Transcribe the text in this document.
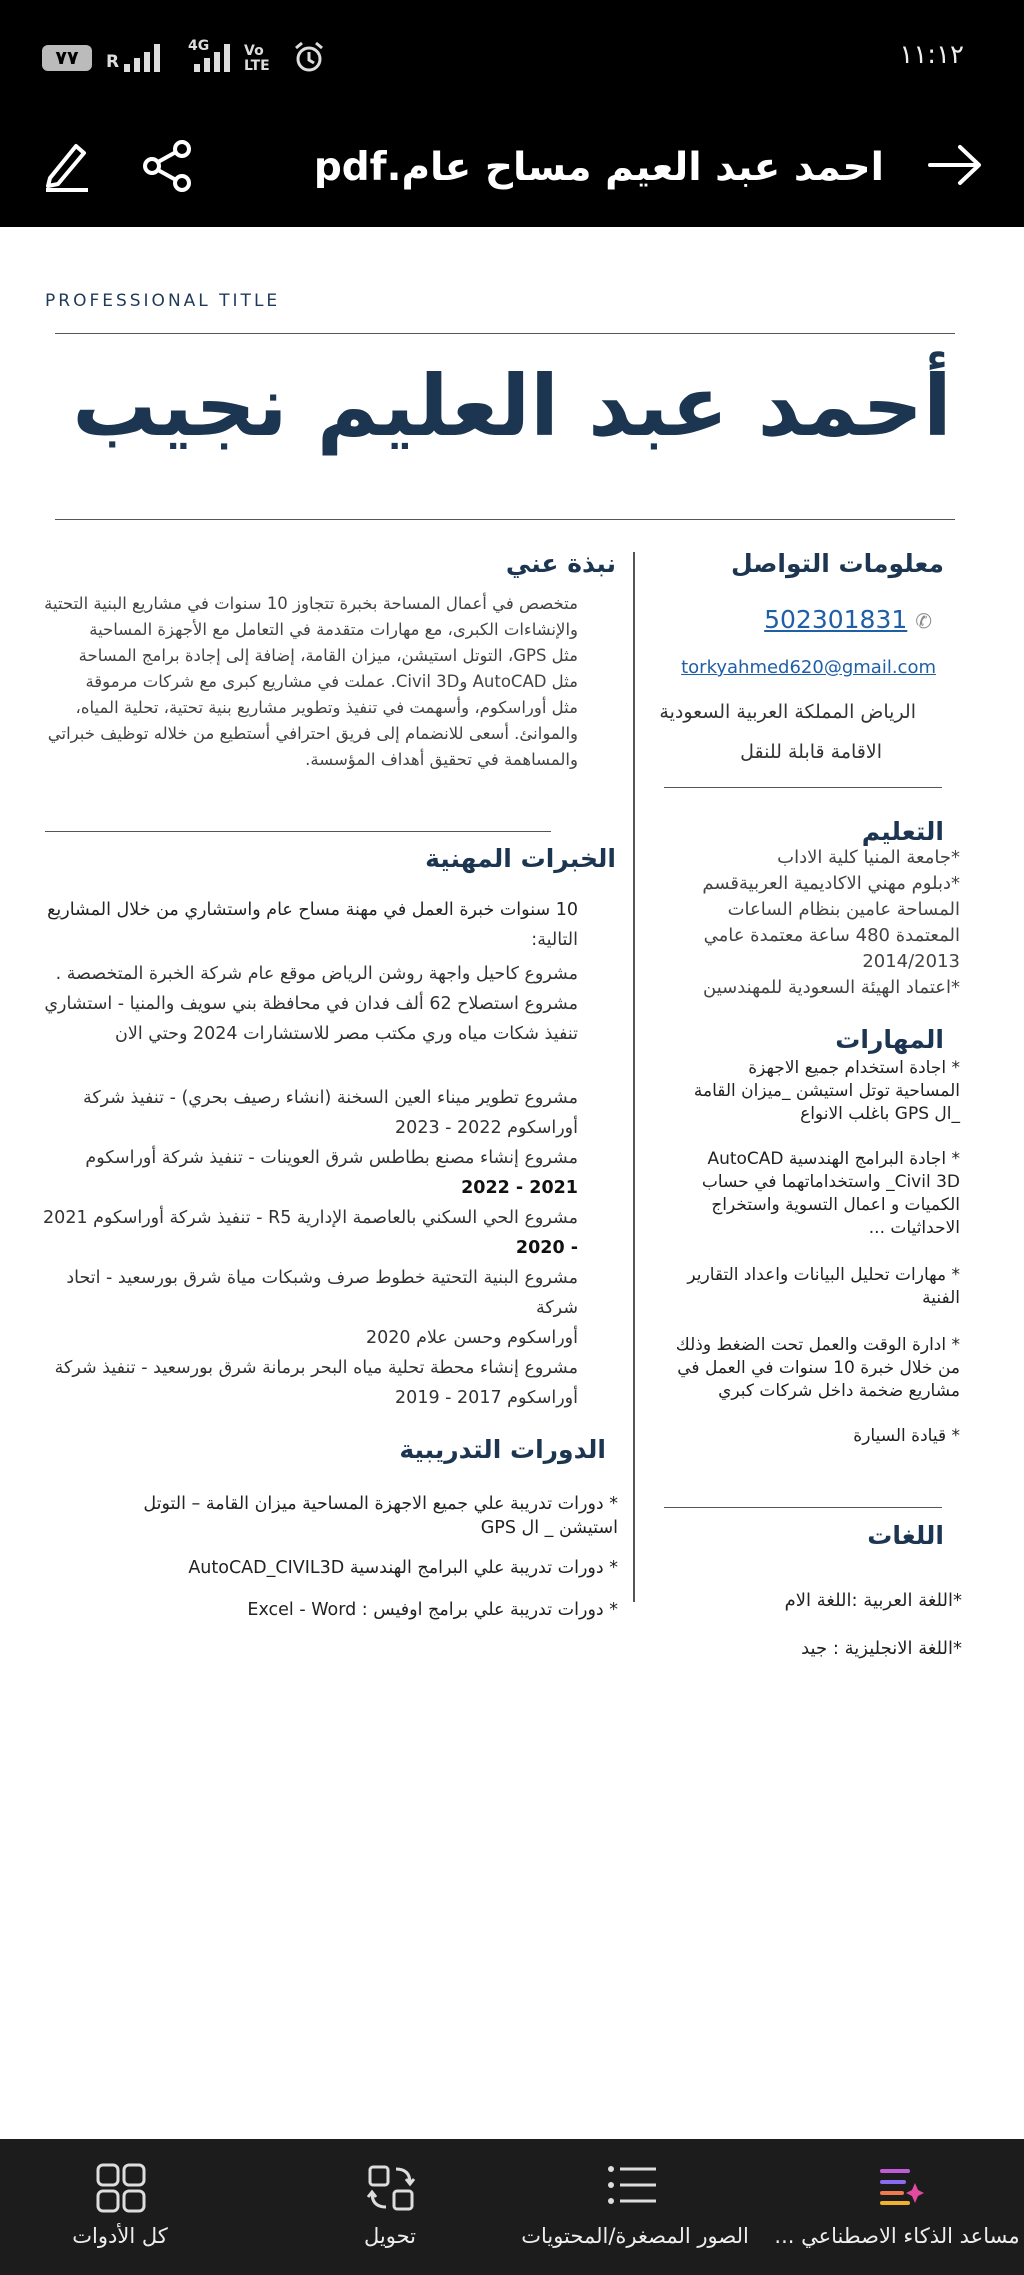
٧٧	R
4G Vo LTE	١١:١٢
احمد عبد العيم مساح عام.pdf
PROFESSIONAL TITLE
أحمد عبد العليم نجيب
معلومات التواصل
✆ 502301831
torkyahmed620@gmail.com
الرياض المملكة العربية السعودية
الاقامة قابلة للنقل
التعليم
*جامعة المنيا كلية الاداب
*دبلوم مهني الاكاديمية العربيةقسم
المساحة عامين بنظام الساعات
المعتمدة 480 ساعة معتمدة عامي
2014/2013
*اعتماد الهيئة السعودية للمهندسين
المهارات
* اجادة استخدام جميع الاجهزة
المساحية توتل استيشن _ميزان القامة
_ال GPS باغلب الانواع
* اجادة البرامج الهندسية AutoCAD
Civil 3D_ واستخداماتهما في حساب
الكميات و اعمال التسوية واستخراج
الاحداثيات ...
* مهارات تحليل البيانات واعداد التقارير
الفنية
* ادارة الوقت والعمل تحت الضغط وذلك
من خلال خبرة 10 سنوات في العمل في
مشاريع ضخمة داخل شركات كبري
* قيادة السيارة
اللغات
*اللغة العربية :اللغة الام
*اللغة الانجليزية : جيد
نبذة عني
متخصص في أعمال المساحة بخبرة تتجاوز 10 سنوات في مشاريع البنية التحتية
والإنشاءات الكبرى، مع مهارات متقدمة في التعامل مع الأجهزة المساحية
مثل GPS، التوتل استيشن، ميزان القامة، إضافة إلى إجادة برامج المساحة
مثل AutoCAD وCivil 3D. عملت في مشاريع كبرى مع شركات مرموقة
مثل أوراسكوم، وأسهمت في تنفيذ وتطوير مشاريع بنية تحتية، تحلية المياه،
والموانئ. أسعى للانضمام إلى فريق احترافي أستطيع من خلاله توظيف خبراتي
والمساهمة في تحقيق أهداف المؤسسة.
الخبرات المهنية
10 سنوات خبرة العمل في مهنة مساح عام واستشاري من خلال المشاريع
التالية:
مشروع كاحيل واجهة روشن الرياض موقع عام شركة الخبرة المتخصصة .
مشروع استصلاح 62 ألف فدان في محافظة بني سويف والمنيا - استشاري
تنفيذ شكات مياه وري مكتب مصر للاستشارات 2024 وحتي الان
مشروع تطوير ميناء العين السخنة (انشاء رصيف بحري) - تنفيذ شركة
أوراسكوم 2022 - 2023
مشروع إنشاء مصنع بطاطس شرق العوينات - تنفيذ شركة أوراسكوم
2021 - 2022
مشروع الحي السكني بالعاصمة الإدارية R5 - تنفيذ شركة أوراسكوم 2021
- 2020
مشروع البنية التحتية خطوط صرف وشبكات مياة شرق بورسعيد - اتحاد شركة
أوراسكوم وحسن علام 2020
مشروع إنشاء محطة تحلية مياه البحر برمانة شرق بورسعيد - تنفيذ شركة
أوراسكوم 2017 - 2019
الدورات التدريبية
* دورات تدريبة علي جميع الاجهزة المساحية ميزان القامة – التوتل
استيشن _ ال GPS
* دورات تدريبة علي البرامج الهندسية AutoCAD_CIVIL3D
* دورات تدريبة علي برامج اوفيس : Excel - Word
مساعد الذكاء الاصطناعي ...
الصور المصغرة/المحتويات
تحويل
كل الأدوات
